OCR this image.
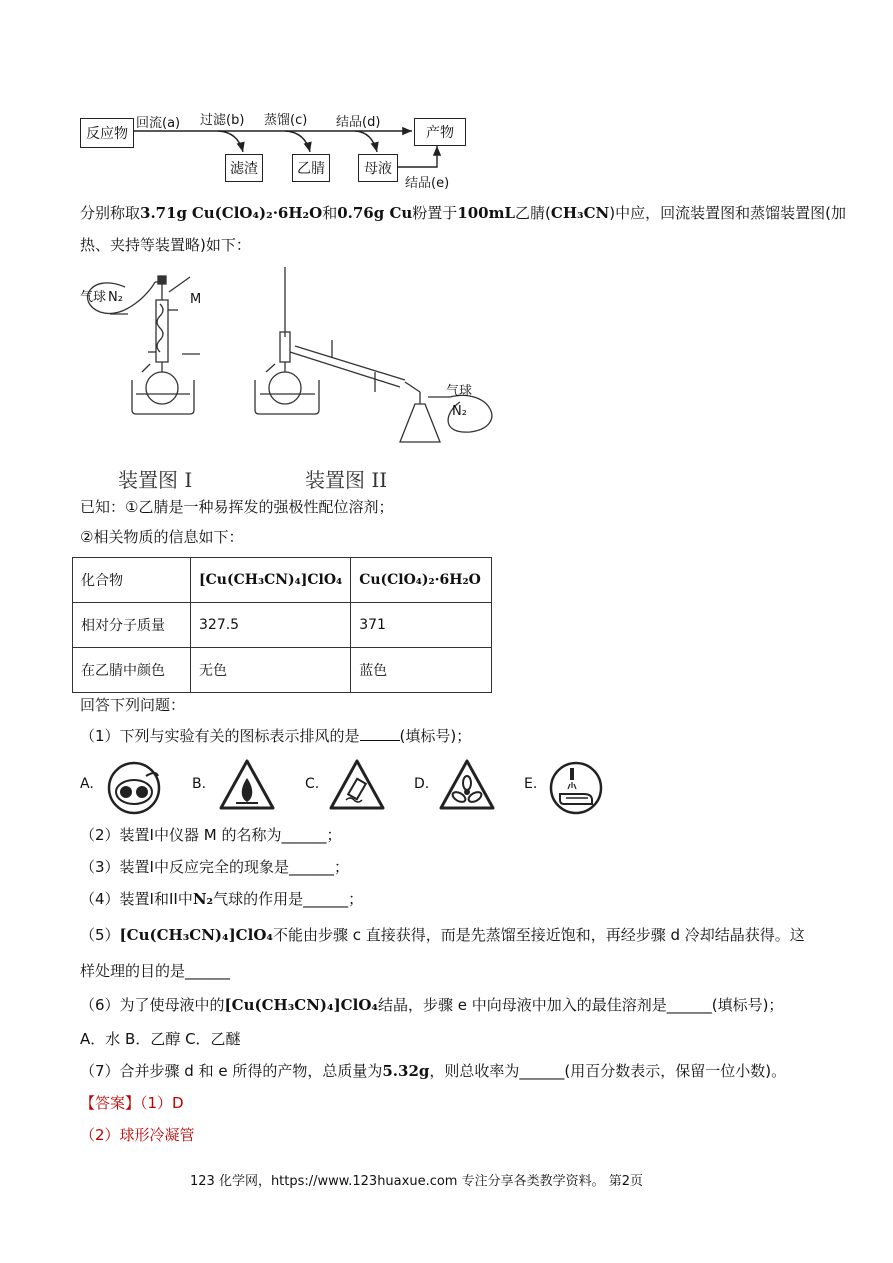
反应物
回流(a) 过滤(b) 蒸馏(c) 结品(d)
产物
滤渣	乙腈	母液
结品(e)
分别称取3.71g Cu(ClO₄)₂·6H₂O和0.76g Cu粉置于100mL乙腈(CH₃CN)中应，回流装置图和蒸馏装置图(加
热、夹持等装置略)如下：
气球 N₂	M
气球
N₂
装置图 I	装置图 II
已知：①乙腈是一种易挥发的强极性配位溶剂；
②相关物质的信息如下：
化合物	[Cu(CH₃CN)₄]ClO₄	Cu(ClO₄)₂·6H₂O
相对分子质量	327.5	371
在乙腈中颜色	无色	蓝色
回答下列问题：
（1）下列与实验有关的图标表示排风的是	(填标号)；
A.	B.	C.	D.	E.
（2）装置I中仪器 M 的名称为______；
（3）装置I中反应完全的现象是______；
（4）装置I和II中N₂气球的作用是______；
（5）[Cu(CH₃CN)₄]ClO₄不能由步骤 c 直接获得，而是先蒸馏至接近饱和，再经步骤 d 冷却结晶获得。这
样处理的目的是______
（6）为了使母液中的[Cu(CH₃CN)₄]ClO₄结晶，步骤 e 中向母液中加入的最佳溶剂是______(填标号)；
A．水 B．乙醇 C．乙醚
（7）合并步骤 d 和 e 所得的产物，总质量为5.32g，则总收率为______(用百分数表示，保留一位小数)。
【答案】（1）D
（2）球形冷凝管
123 化学网，https://www.123huaxue.com 专注分享各类教学资料。 第2页
